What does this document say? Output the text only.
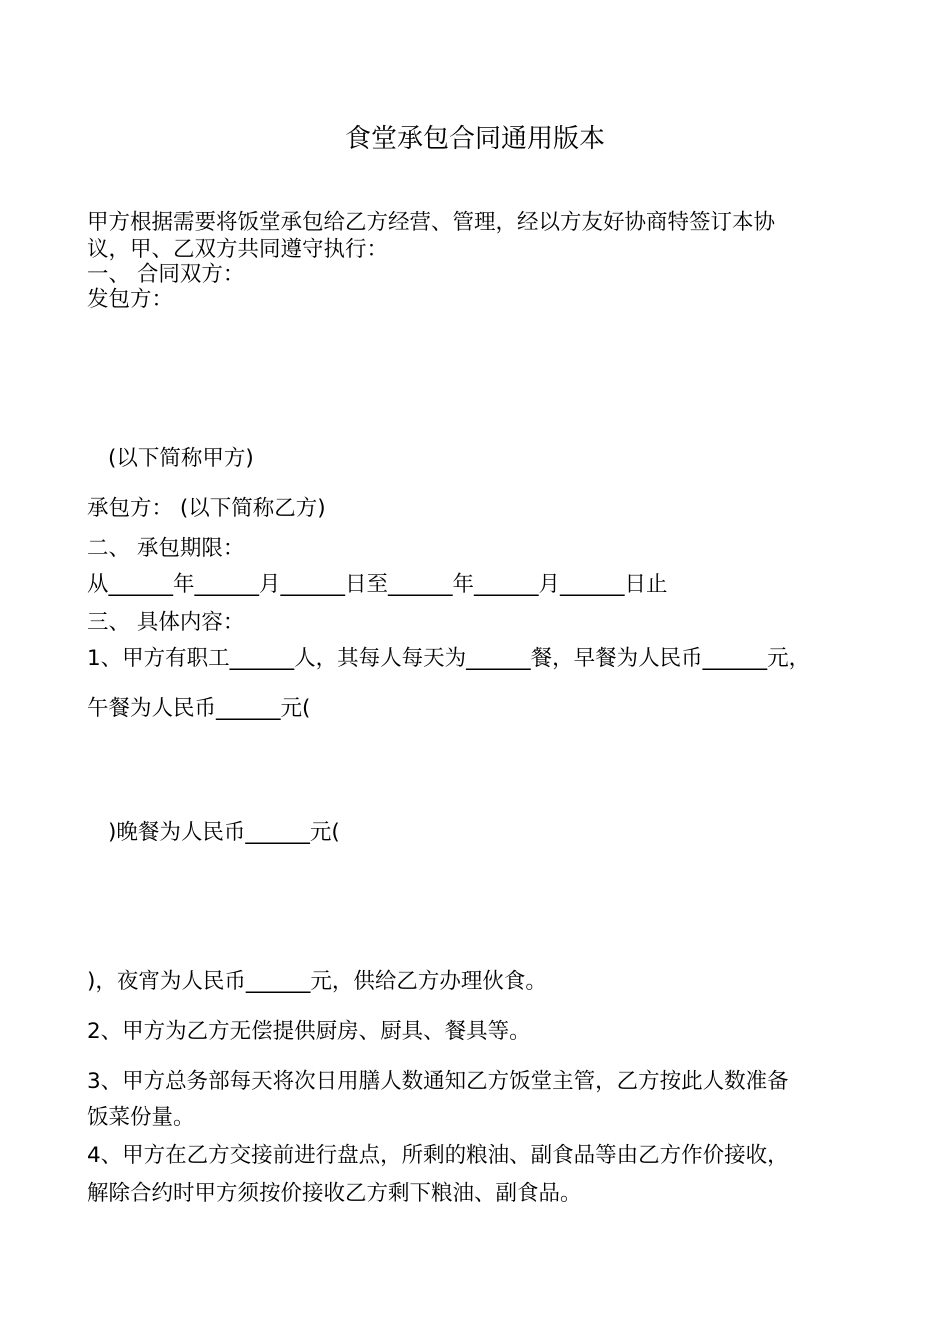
食堂承包合同通用版本
甲方根据需要将饭堂承包给乙方经营、管理，经以方友好协商特签订本协
议，甲、乙双方共同遵守执行：
一、 合同双方：
发包方：
(以下简称甲方)
承包方： (以下简称乙方)
二、 承包期限：
从______年______月______日至______年______月______日止
三、 具体内容：
1、甲方有职工______人，其每人每天为______餐，早餐为人民币______元，
午餐为人民币______元(
)晚餐为人民币______元(
)，夜宵为人民币______元，供给乙方办理伙食。
2、甲方为乙方无偿提供厨房、厨具、餐具等。
3、甲方总务部每天将次日用膳人数通知乙方饭堂主管，乙方按此人数准备
饭菜份量。
4、甲方在乙方交接前进行盘点，所剩的粮油、副食品等由乙方作价接收，
解除合约时甲方须按价接收乙方剩下粮油、副食品。
